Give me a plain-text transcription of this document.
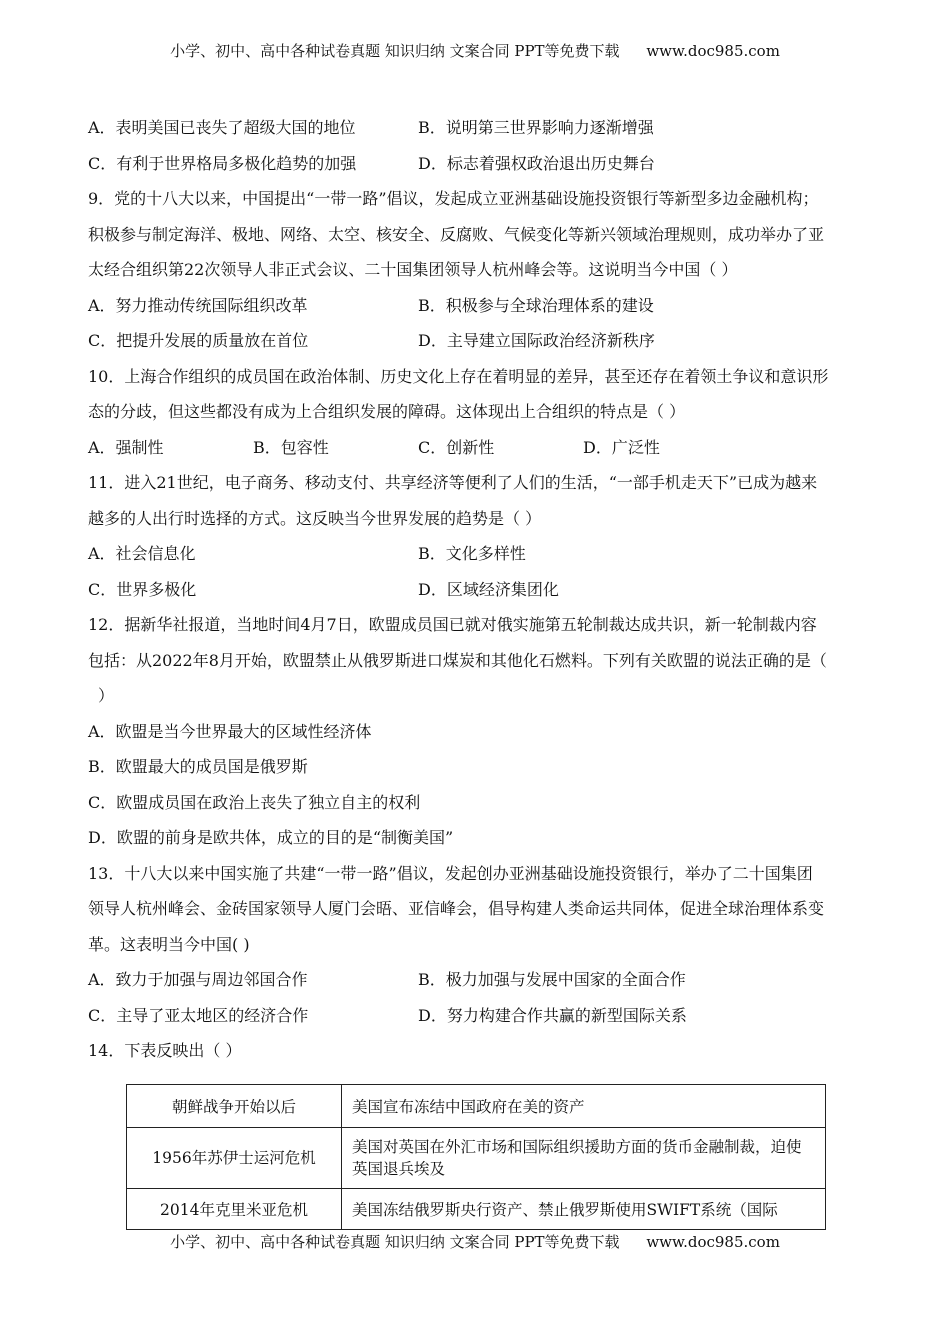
小学、初中、高中各种试卷真题 知识归纳 文案合同 PPT等免费下载 www.doc985.com
A．表明美国已丧失了超级大国的地位	B．说明第三世界影响力逐渐增强
C．有利于世界格局多极化趋势的加强	D．标志着强权政治退出历史舞台
9．党的十八大以来，中国提出“一带一路”倡议，发起成立亚洲基础设施投资银行等新型多边金融机构；
积极参与制定海洋、极地、网络、太空、核安全、反腐败、气候变化等新兴领域治理规则，成功举办了亚
太经合组织第22次领导人非正式会议、二十国集团领导人杭州峰会等。这说明当今中国（ ）
A．努力推动传统国际组织改革	B．积极参与全球治理体系的建设
C．把提升发展的质量放在首位	D．主导建立国际政治经济新秩序
10．上海合作组织的成员国在政治体制、历史文化上存在着明显的差异，甚至还存在着领土争议和意识形
态的分歧，但这些都没有成为上合组织发展的障碍。这体现出上合组织的特点是（ ）
A．强制性	B．包容性	C．创新性	D．广泛性
11．进入21世纪，电子商务、移动支付、共享经济等便利了人们的生活，“一部手机走天下”已成为越来
越多的人出行时选择的方式。这反映当今世界发展的趋势是（ ）
A．社会信息化	B．文化多样性
C．世界多极化	D．区域经济集团化
12．据新华社报道，当地时间4月7日，欧盟成员国已就对俄实施第五轮制裁达成共识，新一轮制裁内容
包括：从2022年8月开始，欧盟禁止从俄罗斯进口煤炭和其他化石燃料。下列有关欧盟的说法正确的是（
）
A．欧盟是当今世界最大的区域性经济体
B．欧盟最大的成员国是俄罗斯
C．欧盟成员国在政治上丧失了独立自主的权利
D．欧盟的前身是欧共体，成立的目的是“制衡美国”
13．十八大以来中国实施了共建“一带一路”倡议，发起创办亚洲基础设施投资银行，举办了二十国集团
领导人杭州峰会、金砖国家领导人厦门会晤、亚信峰会，倡导构建人类命运共同体，促进全球治理体系变
革。这表明当今中国( )
A．致力于加强与周边邻国合作	B．极力加强与发展中国家的全面合作
C．主导了亚太地区的经济合作	D．努力构建合作共赢的新型国际关系
14．下表反映出（ ）
朝鲜战争开始以后	美国宣布冻结中国政府在美的资产
1956年苏伊士运河危机	美国对英国在外汇市场和国际组织援助方面的货币金融制裁，迫使英国退兵埃及
2014年克里米亚危机	美国冻结俄罗斯央行资产、禁止俄罗斯使用SWIFT系统（国际
小学、初中、高中各种试卷真题 知识归纳 文案合同 PPT等免费下载 www.doc985.com
